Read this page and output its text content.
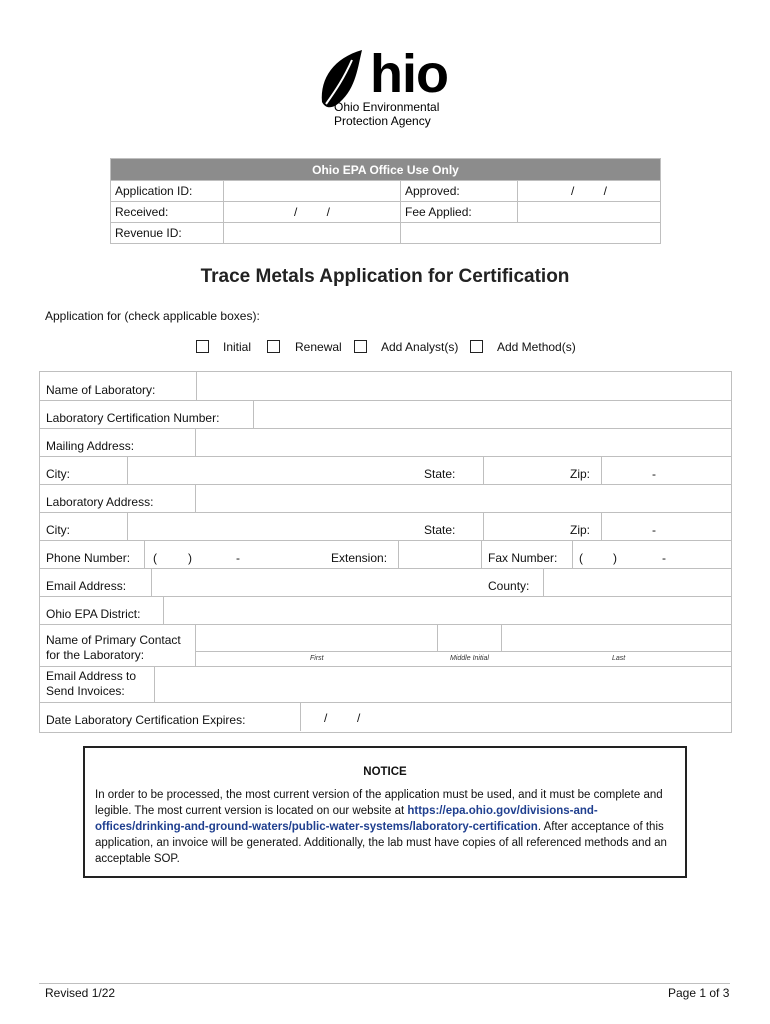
hio
Ohio Environmental
Protection Agency
Ohio EPA Office Use Only			
Application ID:		Approved:	/ /
Received:	/ /	Fee Applied:	
Revenue ID:			
Trace Metals Application for Certification
Application for (check applicable boxes):
Initial	Renewal	Add Analyst(s)	Add Method(s)
Name of Laboratory:
Laboratory Certification Number:
Mailing Address:
City:	State:	Zip:	-
Laboratory Address:
City:	State:	Zip:	-
Phone Number: (	)	-	Extension:	Fax Number: (	)	-
Email Address:	County:
Ohio EPA District:
Name of Primary Contact
for the Laboratory:	First	Middle Initial	Last
Email Address to
Send Invoices:
Date Laboratory Certification Expires:	/ /
NOTICE
In order to be processed, the most current version of the application must be used, and it must be complete and legible. The most current version is located on our website at https://epa.ohio.gov/divisions-and-offices/drinking-and-ground-waters/public-water-systems/laboratory-certification. After acceptance of this application, an invoice will be generated. Additionally, the lab must have copies of all referenced methods and an acceptable SOP.
Revised 1/22	Page 1 of 3
